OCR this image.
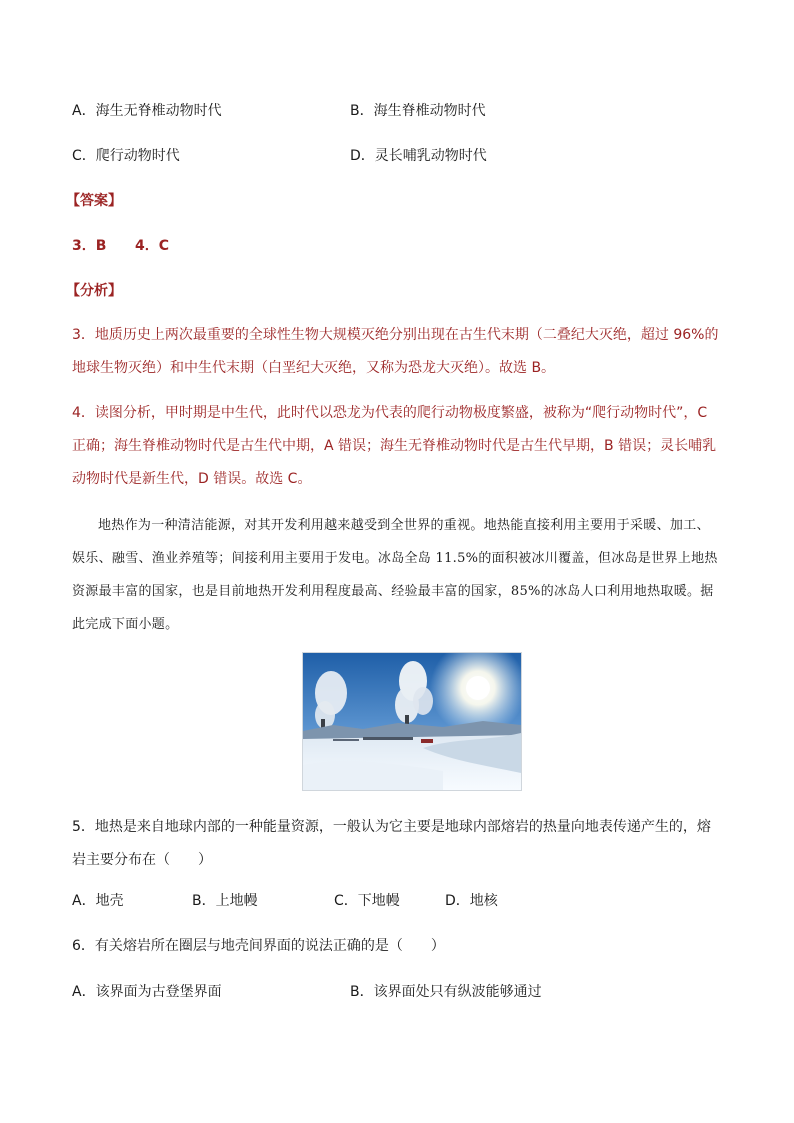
A．海生无脊椎动物时代	B．海生脊椎动物时代
C．爬行动物时代	D．灵长哺乳动物时代
【答案】
3．B 4．C
【分析】
3．地质历史上两次最重要的全球性生物大规模灭绝分别出现在古生代末期（二叠纪大灭绝，超过 96%的地球生物灭绝）和中生代末期（白垩纪大灭绝，又称为恐龙大灭绝）。故选 B。
4．读图分析，甲时期是中生代，此时代以恐龙为代表的爬行动物极度繁盛，被称为“爬行动物时代”，C 正确；海生脊椎动物时代是古生代中期，A 错误；海生无脊椎动物时代是古生代早期，B 错误；灵长哺乳动物时代是新生代，D 错误。故选 C。
地热作为一种清洁能源，对其开发利用越来越受到全世界的重视。地热能直接利用主要用于采暖、加工、娱乐、融雪、渔业养殖等；间接利用主要用于发电。冰岛全岛 11.5%的面积被冰川覆盖，但冰岛是世界上地热资源最丰富的国家，也是目前地热开发利用程度最高、经验最丰富的国家，85%的冰岛人口利用地热取暖。据此完成下面小题。
5．地热是来自地球内部的一种能量资源，一般认为它主要是地球内部熔岩的热量向地表传递产生的，熔岩主要分布在（　　）
A．地壳	B．上地幔	C．下地幔	D．地核
6．有关熔岩所在圈层与地壳间界面的说法正确的是（　　）
A．该界面为古登堡界面	B．该界面处只有纵波能够通过
